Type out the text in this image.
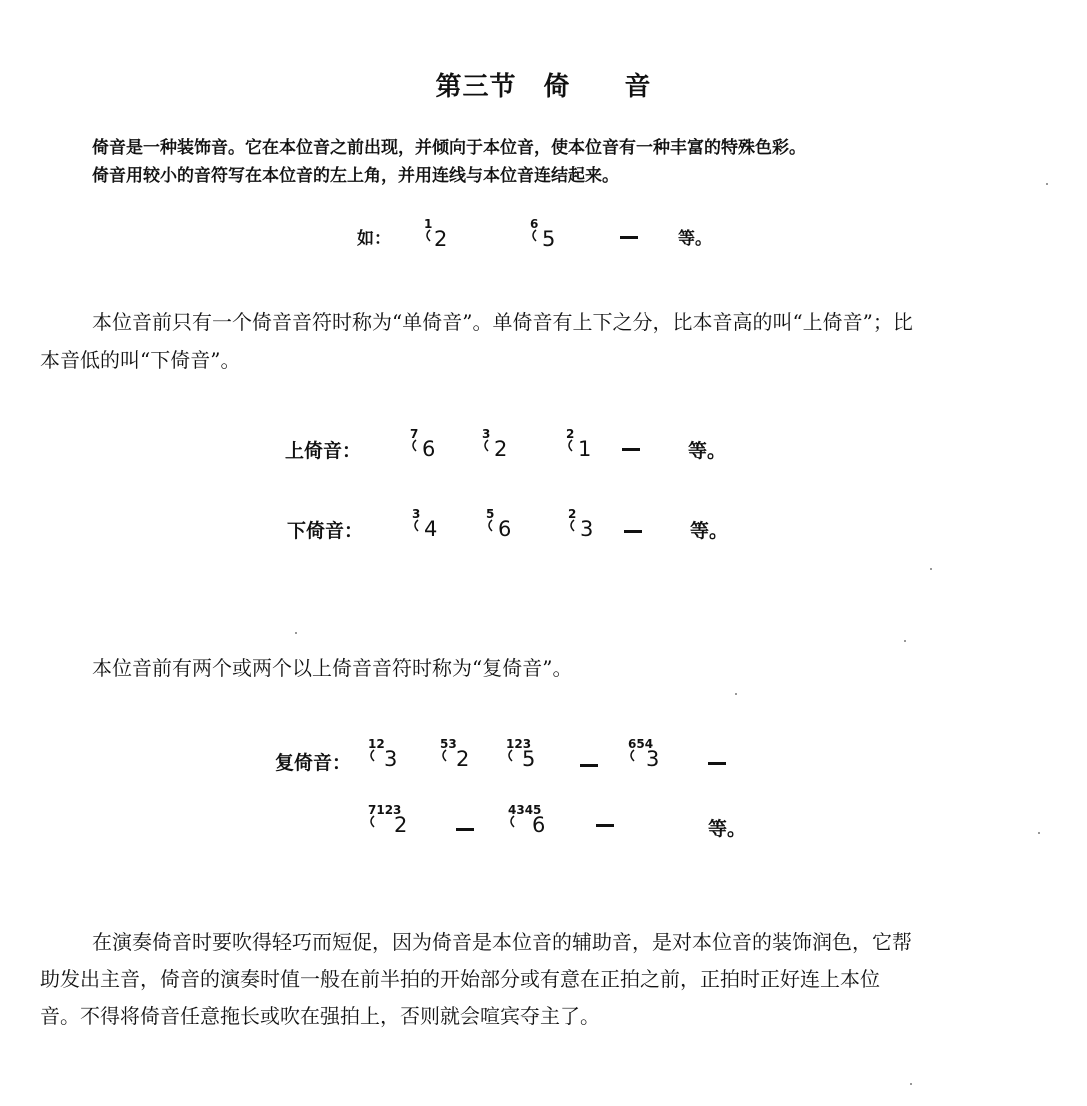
第三节　倚　　音
倚音是一种装饰音。它在本位音之前出现，并倾向于本位音，使本位音有一种丰富的特殊色彩。
倚音用较小的音符写在本位音的左上角，并用连线与本位音连结起来。
如：
1
2
6
5	等。
本位音前只有一个倚音音符时称为“单倚音”。单倚音有上下之分，比本音高的叫“上倚音”；比
本音低的叫“下倚音”。
上倚音：
7
6
3
2
2
1	等。
下倚音：
3
4
5
6
2
3	等。
本位音前有两个或两个以上倚音音符时称为“复倚音”。
复倚音：
12
3
53
2
123
5
654
3
7123
2
4345
6	等。
在演奏倚音时要吹得轻巧而短促，因为倚音是本位音的辅助音，是对本位音的装饰润色，它帮
助发出主音，倚音的演奏时值一般在前半拍的开始部分或有意在正拍之前，正拍时正好连上本位
音。不得将倚音任意拖长或吹在强拍上，否则就会喧宾夺主了。
